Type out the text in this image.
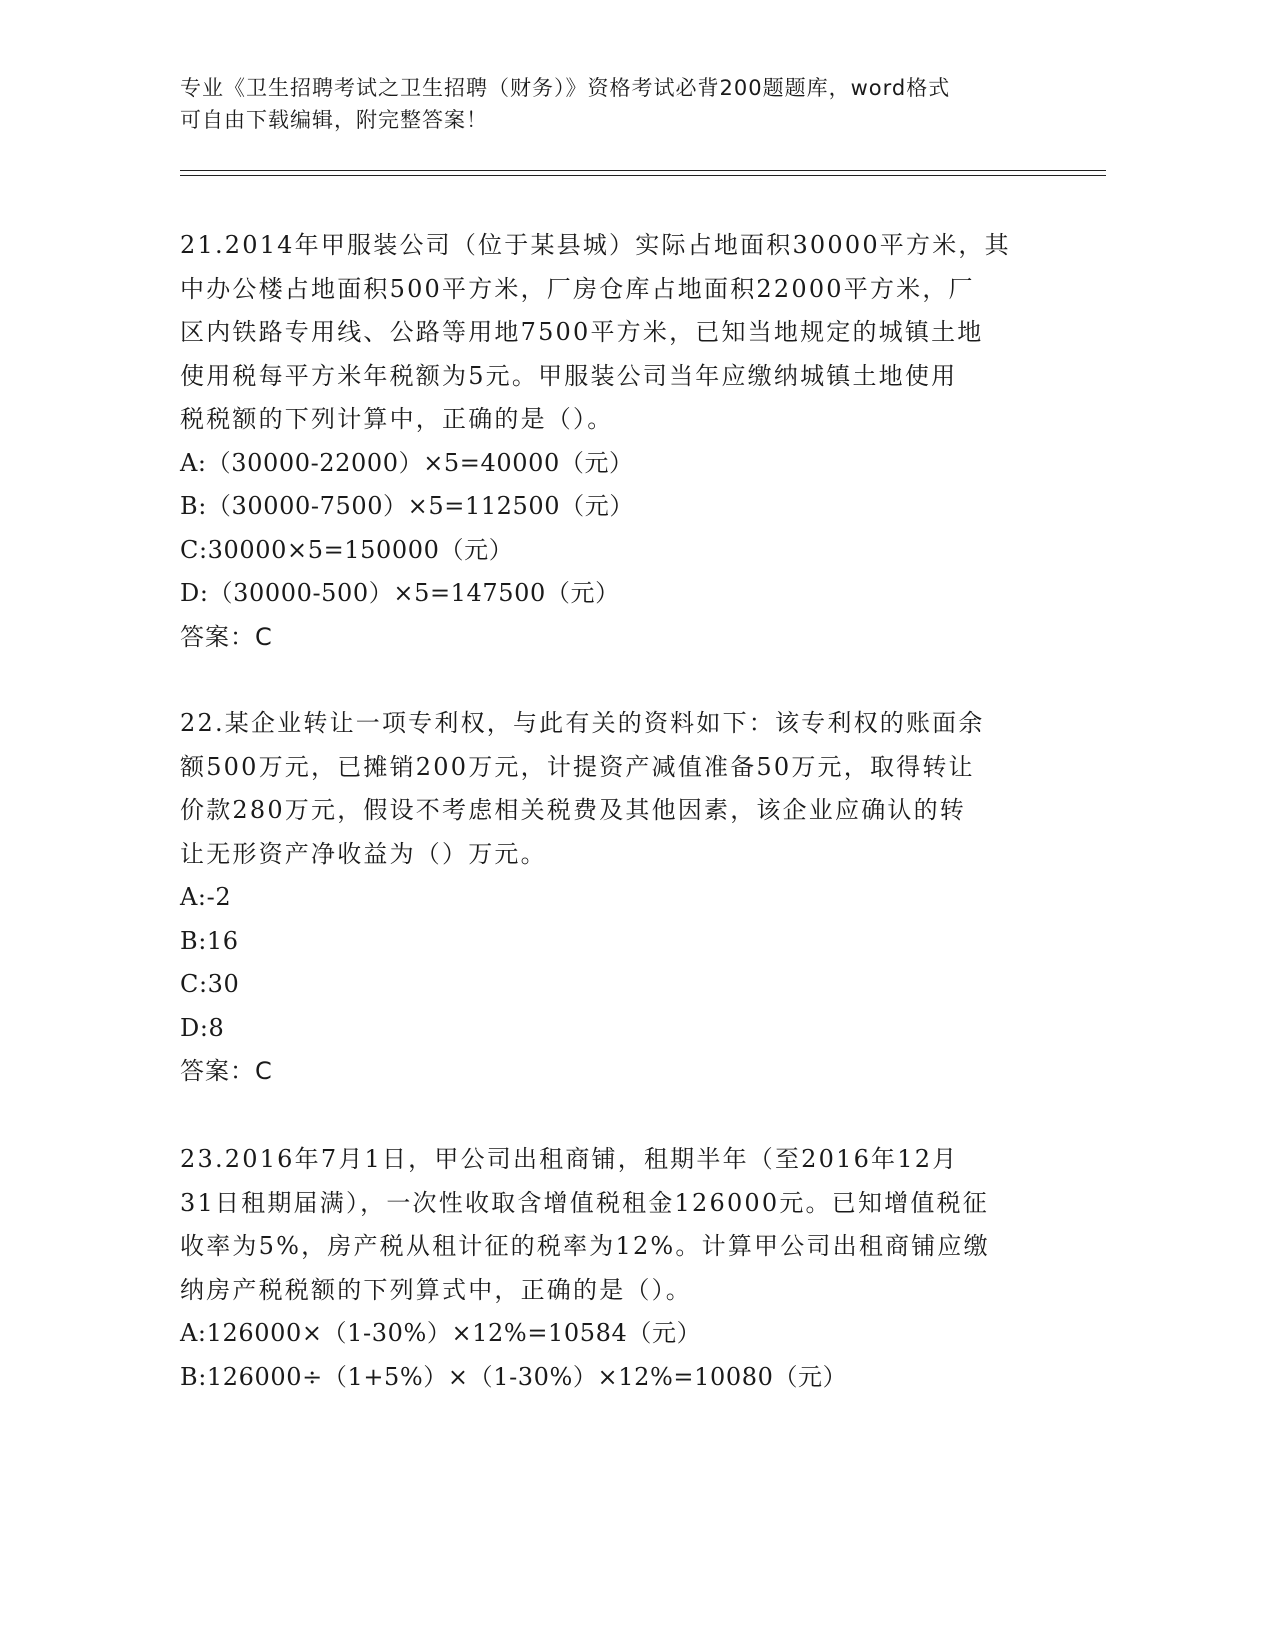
专业《卫生招聘考试之卫生招聘（财务）》资格考试必背200题题库，word格式
可自由下载编辑，附完整答案！

21.2014年甲服装公司（位于某县城）实际占地面积30000平方米，其

中办公楼占地面积500平方米，厂房仓库占地面积22000平方米，厂

区内铁路专用线、公路等用地7500平方米，已知当地规定的城镇土地

使用税每平方米年税额为5元。甲服装公司当年应缴纳城镇土地使用

税税额的下列计算中，正确的是（）。

A:（30000-22000）×5=40000（元）

B:（30000-7500）×5=112500（元）

C:30000×5=150000（元）

D:（30000-500）×5=147500（元）

答案：C

22.某企业转让一项专利权，与此有关的资料如下：该专利权的账面余

额500万元，已摊销200万元，计提资产减值准备50万元，取得转让

价款280万元，假设不考虑相关税费及其他因素，该企业应确认的转

让无形资产净收益为（）万元。

A:-2

B:16

C:30

D:8

答案：C

23.2016年7月1日，甲公司出租商铺，租期半年（至2016年12月

31日租期届满），一次性收取含增值税租金126000元。已知增值税征

收率为5%，房产税从租计征的税率为12%。计算甲公司出租商铺应缴

纳房产税税额的下列算式中，正确的是（）。

A:126000×（1-30%）×12%=10584（元）

B:126000÷（1+5%）×（1-30%）×12%=10080（元）
